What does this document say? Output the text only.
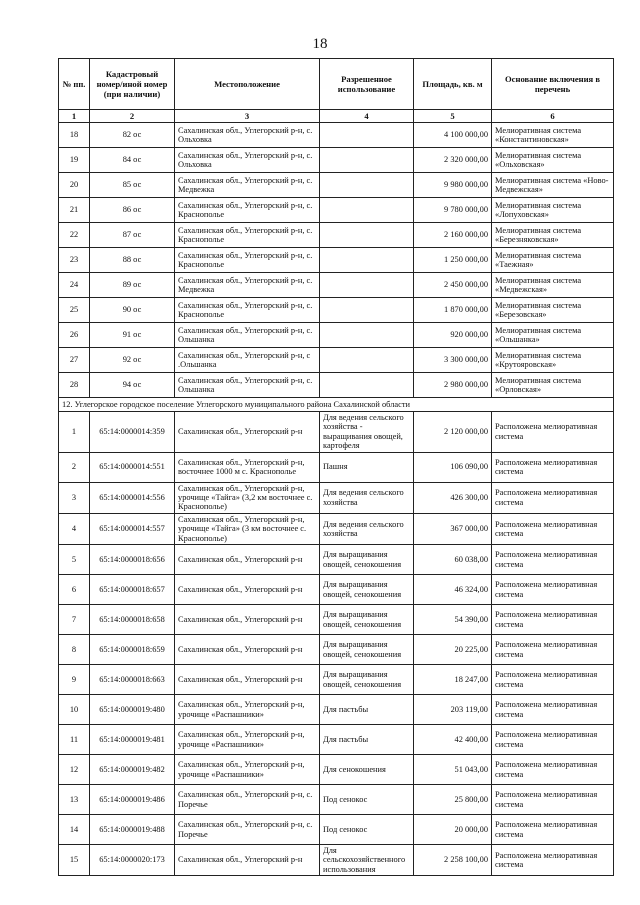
18
№ пп.	Кадастровый номер/иной номер (при наличии)	Местоположение	Разрешенное использование	Площадь, кв. м	Основание включения в перечень
1	2	3	4	5	6
18	82 ос	Сахалинская обл., Углегорский р-н, с. Ольховка		4 100 000,00	Мелиоративная система «Константиновская»
19	84 ос	Сахалинская обл., Углегорский р-н, с. Ольховка		2 320 000,00	Мелиоративная система «Ольховская»
20	85 ос	Сахалинская обл., Углегорский р-н, с. Медвежка		9 980 000,00	Мелиоративная система «Ново-Медвежская»
21	86 ос	Сахалинская обл., Углегорский р-н, с. Краснополье		9 780 000,00	Мелиоративная система «Лопуховская»
22	87 ос	Сахалинская обл., Углегорский р-н, с. Краснополье		2 160 000,00	Мелиоративная система «Березняковская»
23	88 ос	Сахалинская обл., Углегорский р-н, с. Краснополье		1 250 000,00	Мелиоративная система «Таежная»
24	89 ос	Сахалинская обл., Углегорский р-н, с. Медвежка		2 450 000,00	Мелиоративная система «Медвежская»
25	90 ос	Сахалинская обл., Углегорский р-н, с. Краснополье		1 870 000,00	Мелиоративная система «Березовская»
26	91 ос	Сахалинская обл., Углегорский р-н, с. Ольшанка		920 000,00	Мелиоративная система «Ольшанка»
27	92 ос	Сахалинская обл., Углегорский р-н, с .Ольшанка		3 300 000,00	Мелиоративная система «Крутояровская»
28	94 ос	Сахалинская обл., Углегорский р-н, с. Ольшанка		2 980 000,00	Мелиоративная система «Орловская»
12. Углегорское городское поселение Углегорского муниципального района Сахалинской области					
1	65:14:0000014:359	Сахалинская обл., Углегорский р-н	Для ведения сельского хозяйства - выращивания овощей, картофеля	2 120 000,00	Расположена мелиоративная система
2	65:14:0000014:551	Сахалинская обл., Углегорский р-н, восточнее 1000 м с. Краснополье	Пашня	106 090,00	Расположена мелиоративная система
3	65:14:0000014:556	Сахалинская обл., Углегорский р-н, урочище «Тайга» (3,2 км восточнее с. Краснополье)	Для ведения сельского хозяйства	426 300,00	Расположена мелиоративная система
4	65:14:0000014:557	Сахалинская обл., Углегорский р-н, урочище «Тайга» (3 км восточнее с. Краснополье)	Для ведения сельского хозяйства	367 000,00	Расположена мелиоративная система
5	65:14:0000018:656	Сахалинская обл., Углегорский р-н	Для выращивания овощей, сенокошения	60 038,00	Расположена мелиоративная система
6	65:14:0000018:657	Сахалинская обл., Углегорский р-н	Для выращивания овощей, сенокошения	46 324,00	Расположена мелиоративная система
7	65:14:0000018:658	Сахалинская обл., Углегорский р-н	Для выращивания овощей, сенокошения	54 390,00	Расположена мелиоративная система
8	65:14:0000018:659	Сахалинская обл., Углегорский р-н	Для выращивания овощей, сенокошения	20 225,00	Расположена мелиоративная система
9	65:14:0000018:663	Сахалинская обл., Углегорский р-н	Для выращивания овощей, сенокошения	18 247,00	Расположена мелиоративная система
10	65:14:0000019:480	Сахалинская обл., Углегорский р-н, урочище «Распашники»	Для пастьбы	203 119,00	Расположена мелиоративная система
11	65:14:0000019:481	Сахалинская обл., Углегорский р-н, урочище «Распашники»	Для пастьбы	42 400,00	Расположена мелиоративная система
12	65:14:0000019:482	Сахалинская обл., Углегорский р-н, урочище «Распашники»	Для сенокошения	51 043,00	Расположена мелиоративная система
13	65:14:0000019:486	Сахалинская обл., Углегорский р-н, с. Поречье	Под сенокос	25 800,00	Расположена мелиоративная система
14	65:14:0000019:488	Сахалинская обл., Углегорский р-н, с. Поречье	Под сенокос	20 000,00	Расположена мелиоративная система
15	65:14:0000020:173	Сахалинская обл., Углегорский р-н	Для сельскохозяйственного использования	2 258 100,00	Расположена мелиоративная система
